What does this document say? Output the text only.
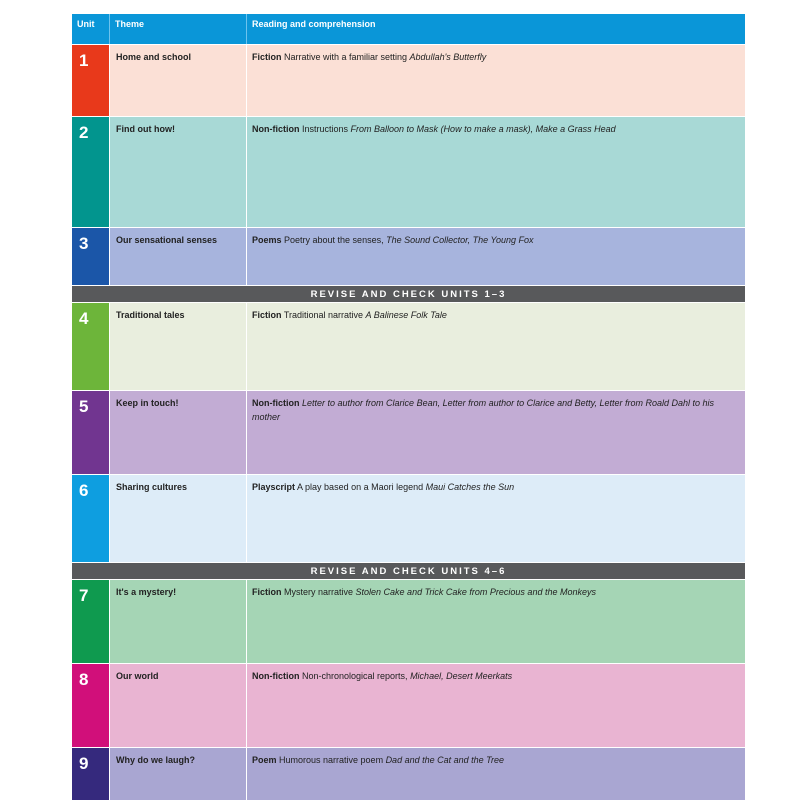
Unit	Theme	Reading and comprehension
1	Home and school	Fiction Narrative with a familiar setting Abdullah's Butterfly
2	Find out how!	Non-fiction Instructions From Balloon to Mask (How to make a mask), Make a Grass Head
3	Our sensational senses	Poems Poetry about the senses, The Sound Collector, The Young Fox
REVISE AND CHECK UNITS 1–3
4	Traditional tales	Fiction Traditional narrative A Balinese Folk Tale
5	Keep in touch!	Non-fiction Letter to author from Clarice Bean, Letter from author to Clarice and Betty, Letter from Roald Dahl to his mother
6	Sharing cultures	Playscript A play based on a Maori legend Maui Catches the Sun
REVISE AND CHECK UNITS 4–6
7	It's a mystery!	Fiction Mystery narrative Stolen Cake and Trick Cake from Precious and the Monkeys
8	Our world	Non-fiction Non-chronological reports, Michael, Desert Meerkats
9	Why do we laugh?	Poem Humorous narrative poem Dad and the Cat and the Tree
